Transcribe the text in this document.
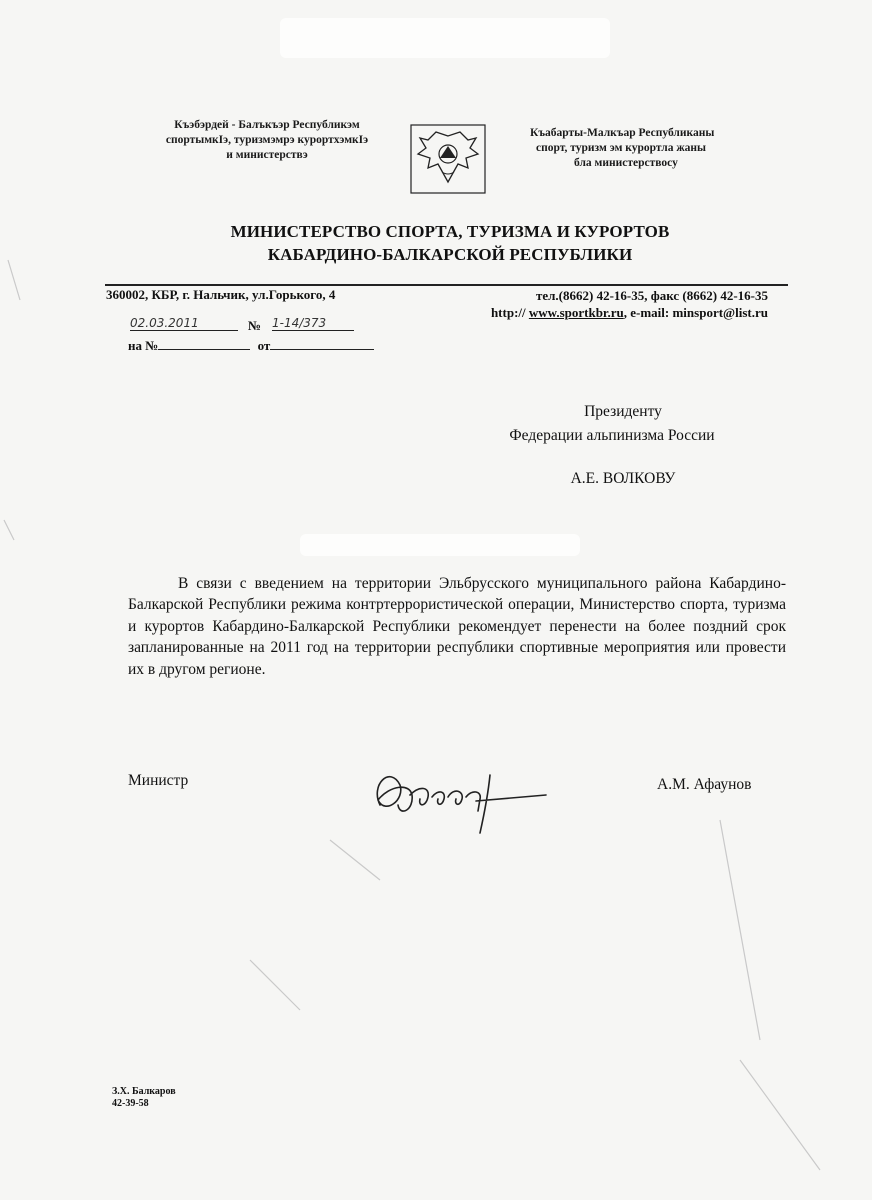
Къэбэрдей - Балъкъэр Республикэм
спортымкIэ, туризмэмрэ курортхэмкIэ
и министерствэ
Къабарты-Малкъар Республиканы
спорт, туризм эм курортла жаны
бла министерствосу
МИНИСТЕРСТВО СПОРТА, ТУРИЗМА И КУРОРТОВ
КАБАРДИНО-БАЛКАРСКОЙ РЕСПУБЛИКИ
360002, КБР, г. Нальчик, ул.Горького, 4	тел.(8662) 42-16-35, факс (8662) 42-16-35
http:// www.sportkbr.ru, e-mail: minsport@list.ru
02.03.2011	№ 1-14/373
на №	от
Президенту
Федерации альпинизма России
А.Е. ВОЛКОВУ
В связи с введением на территории Эльбрусского муниципального района Кабардино-Балкарской Республики режима контртеррористической операции, Министерство спорта, туризма и курортов Кабардино-Балкарской Республики рекомендует перенести на более поздний срок запланированные на 2011 год на территории республики спортивные мероприятия или провести их в другом регионе.
Министр	А.М. Афаунов
З.Х. Балкаров
42-39-58
